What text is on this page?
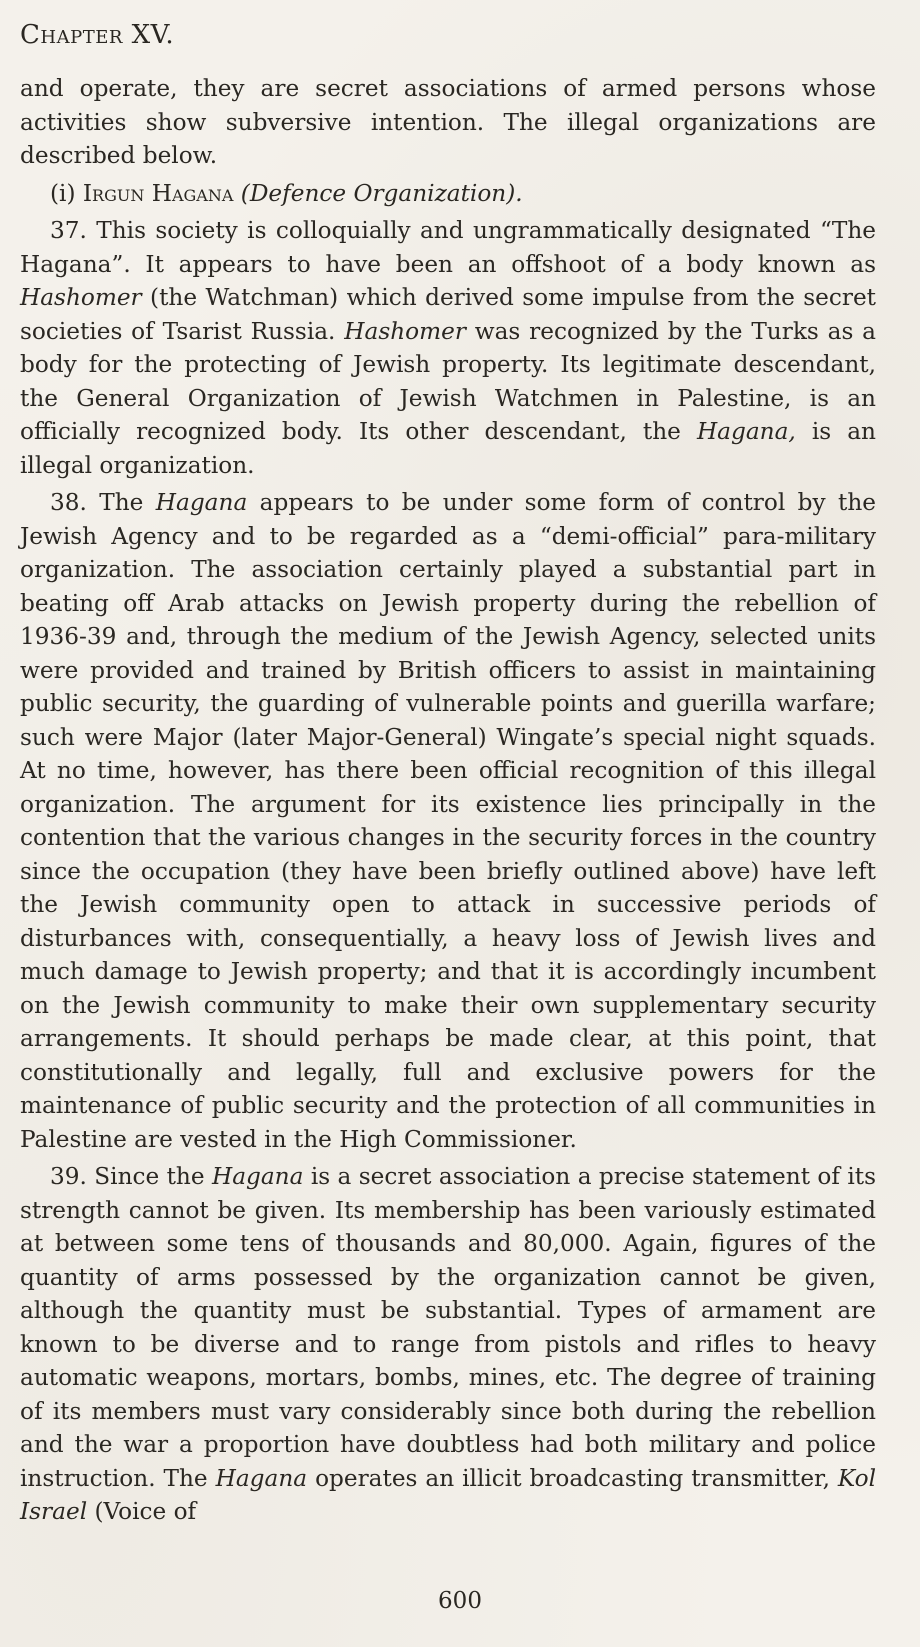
Chapter XV.

and operate, they are secret associations of armed persons whose activities show subversive intention. The illegal organizations are described below.

(i) Irgun Hagana (Defence Organization).

37. This society is colloquially and ungrammatically designated “The Hagana”. It appears to have been an offshoot of a body known as Hashomer (the Watchman) which derived some impulse from the secret societies of Tsarist Russia. Hashomer was recognized by the Turks as a body for the protecting of Jewish property. Its legitimate descendant, the General Organization of Jewish Watchmen in Palestine, is an officially recognized body. Its other descendant, the Hagana, is an illegal organization.

38. The Hagana appears to be under some form of control by the Jewish Agency and to be regarded as a “demi-official” para-military organization. The association certainly played a substantial part in beating off Arab attacks on Jewish property during the rebellion of 1936-39 and, through the medium of the Jewish Agency, selected units were provided and trained by British officers to assist in maintaining public security, the guarding of vulnerable points and guerilla warfare; such were Major (later Major-General) Wingate’s special night squads. At no time, however, has there been official recognition of this illegal organization. The argument for its existence lies principally in the contention that the various changes in the security forces in the country since the occupation (they have been briefly outlined above) have left the Jewish community open to attack in successive periods of disturbances with, consequentially, a heavy loss of Jewish lives and much damage to Jewish property; and that it is accordingly incumbent on the Jewish community to make their own supplementary security arrangements. It should perhaps be made clear, at this point, that constitutionally and legally, full and exclusive powers for the maintenance of public security and the protection of all communities in Palestine are vested in the High Commissioner.

39. Since the Hagana is a secret association a precise statement of its strength cannot be given. Its membership has been variously estimated at between some tens of thousands and 80,000. Again, figures of the quantity of arms possessed by the organization cannot be given, although the quantity must be substantial. Types of armament are known to be diverse and to range from pistols and rifles to heavy automatic weapons, mortars, bombs, mines, etc. The degree of training of its members must vary considerably since both during the rebellion and the war a proportion have doubtless had both military and police instruction. The Hagana operates an illicit broadcasting transmitter, Kol Israel (Voice of

600
